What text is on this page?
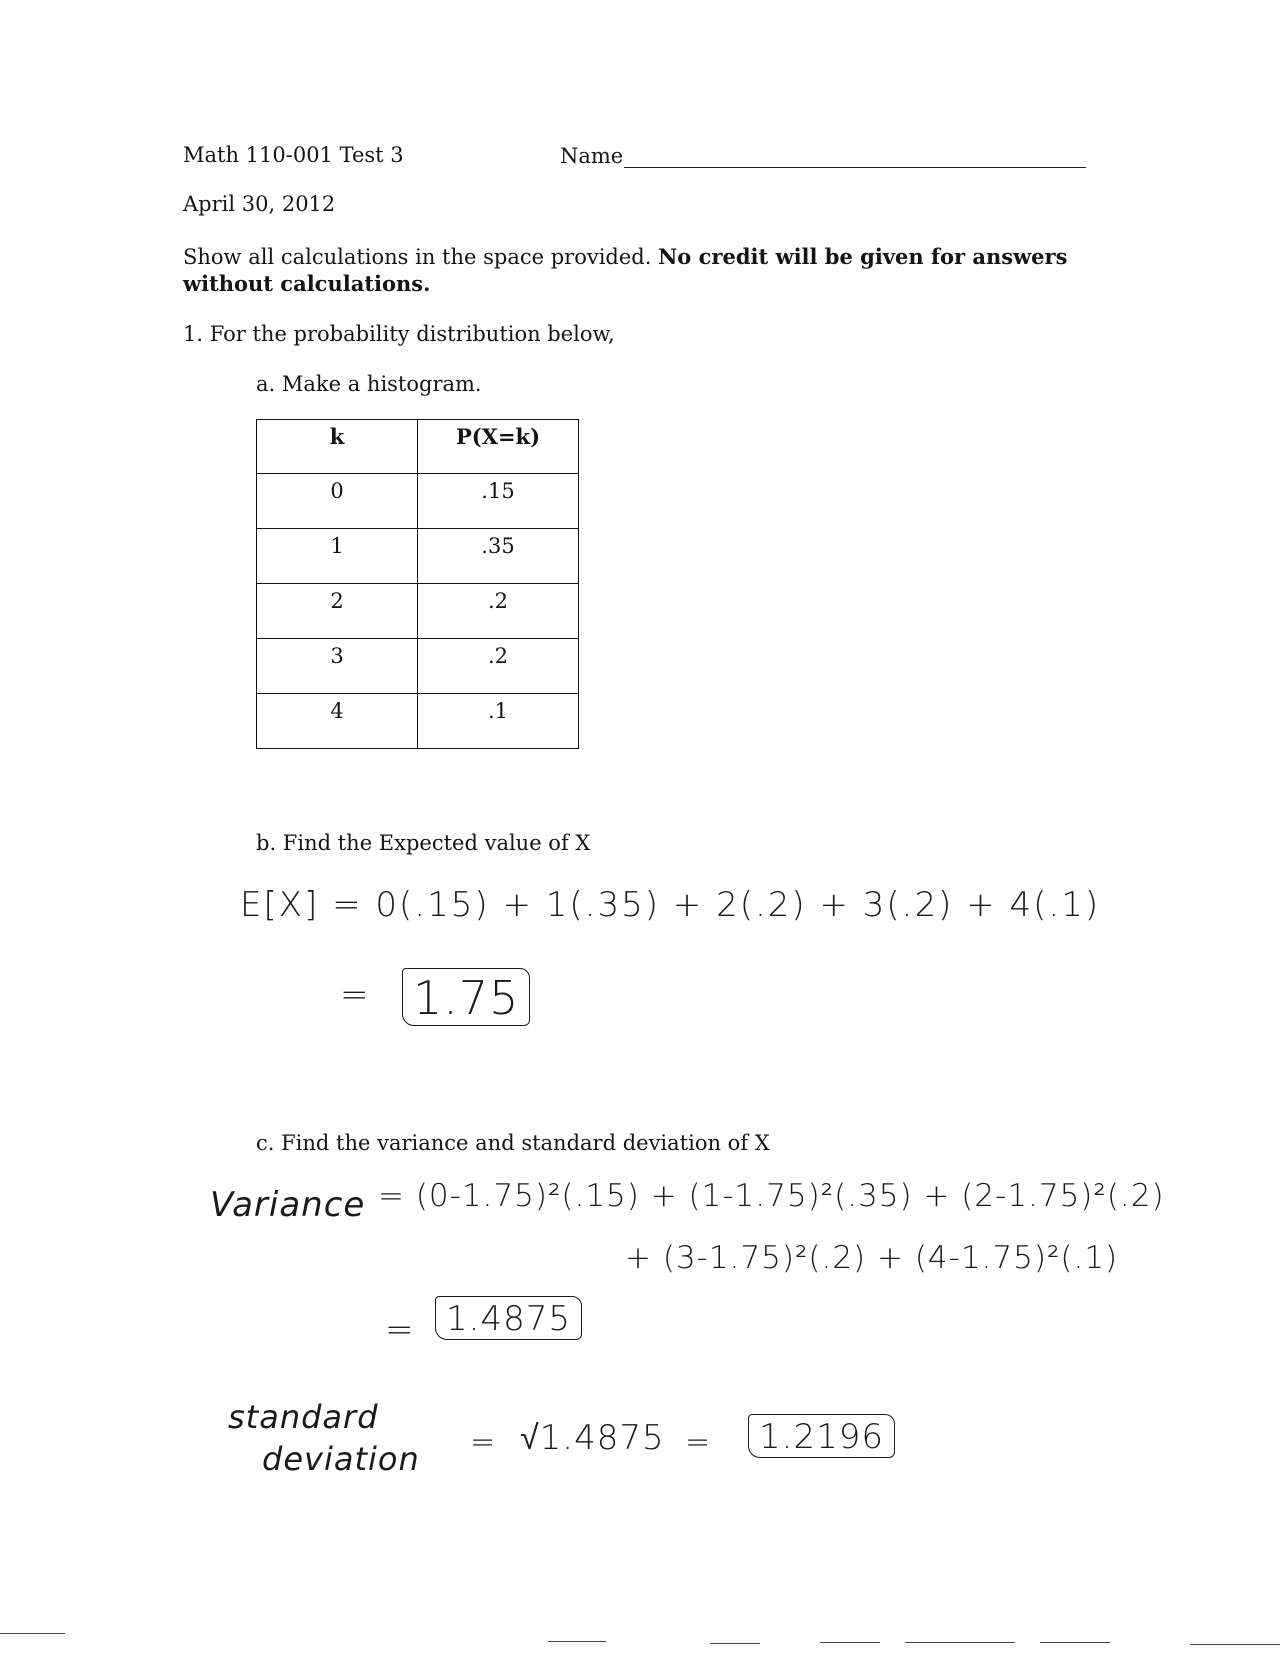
Math 110-001 Test 3	Name
April 30, 2012
Show all calculations in the space provided. No credit will be given for answers
without calculations.
1. For the probability distribution below,
a. Make a histogram.
k	P(X=k)
0	.15
1	.35
2	.2
3	.2
4	.1
b. Find the Expected value of X
E[X] = 0(.15) + 1(.35) + 2(.2) + 3(.2) + 4(.1)
= 1.75
c. Find the variance and standard deviation of X
Variance = (0-1.75)²(.15) + (1-1.75)²(.35) + (2-1.75)²(.2)
+ (3-1.75)²(.2) + (4-1.75)²(.1)
= 1.4875
standard
deviation = √1.4875 =	1.2196
